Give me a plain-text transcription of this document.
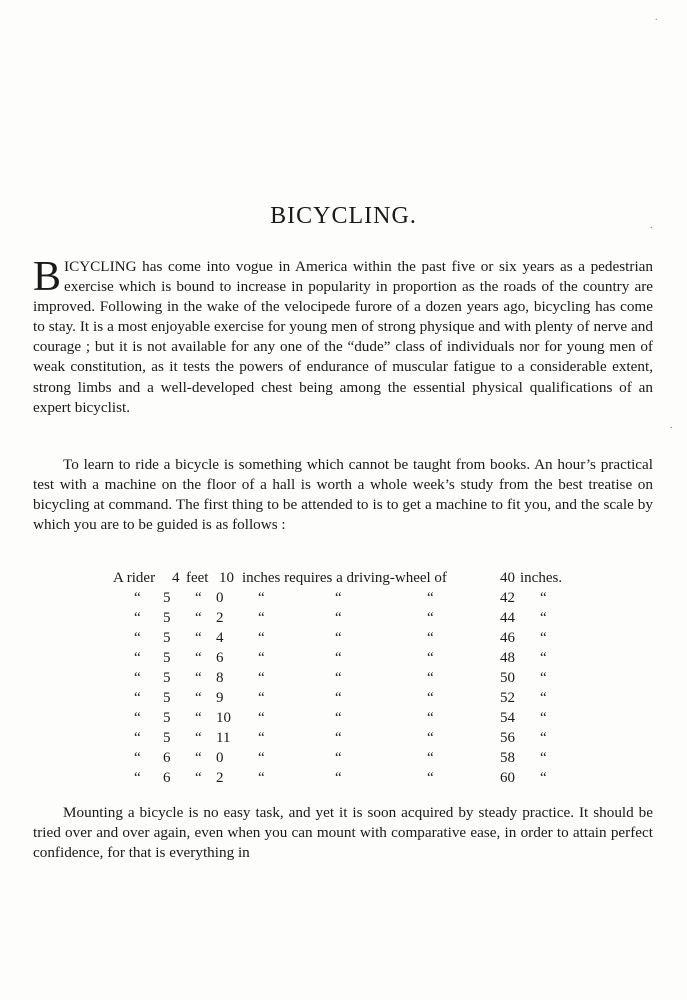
BICYCLING.

BICYCLING has come into vogue in America within the past five or six years as a pedestrian exercise which is bound to increase in popularity in proportion as the roads of the country are improved. Following in the wake of the velocipede furore of a dozen years ago, bicycling has come to stay. It is a most enjoyable exercise for young men of strong physique and with plenty of nerve and courage ; but it is not available for any one of the “dude” class of individuals nor for young men of weak constitution, as it tests the powers of endurance of muscular fatigue to a considerable extent, strong limbs and a well-developed chest being among the essential physical qualifications of an expert bicyclist.

To learn to ride a bicycle is something which cannot be taught from books. An hour’s practical test with a machine on the floor of a hall is worth a whole week’s study from the best treatise on bicycling at command. The first thing to be attended to is to get a machine to fit you, and the scale by which you are to be guided is as follows :

A rider 4 feet 10 inches requires a driving-wheel of	40 inches.
“ 5 “ 0 “	“	“	42 “
“ 5 “ 2 “	“	“	44 “
“ 5 “ 4 “	“	“	46 “
“ 5 “ 6 “	“	“	48 “
“ 5 “ 8 “	“	“	50 “
“ 5 “ 9 “	“	“	52 “
“ 5 “ 10 “	“	“	54 “
“ 5 “ 11 “	“	“	56 “
“ 6 “ 0 “	“	“	58 “
“ 6 “ 2 “	“	“	60 “

Mounting a bicycle is no easy task, and yet it is soon acquired by steady practice. It should be tried over and over again, even when you can mount with comparative ease, in order to attain perfect confidence, for that is everything in

.
.
.
